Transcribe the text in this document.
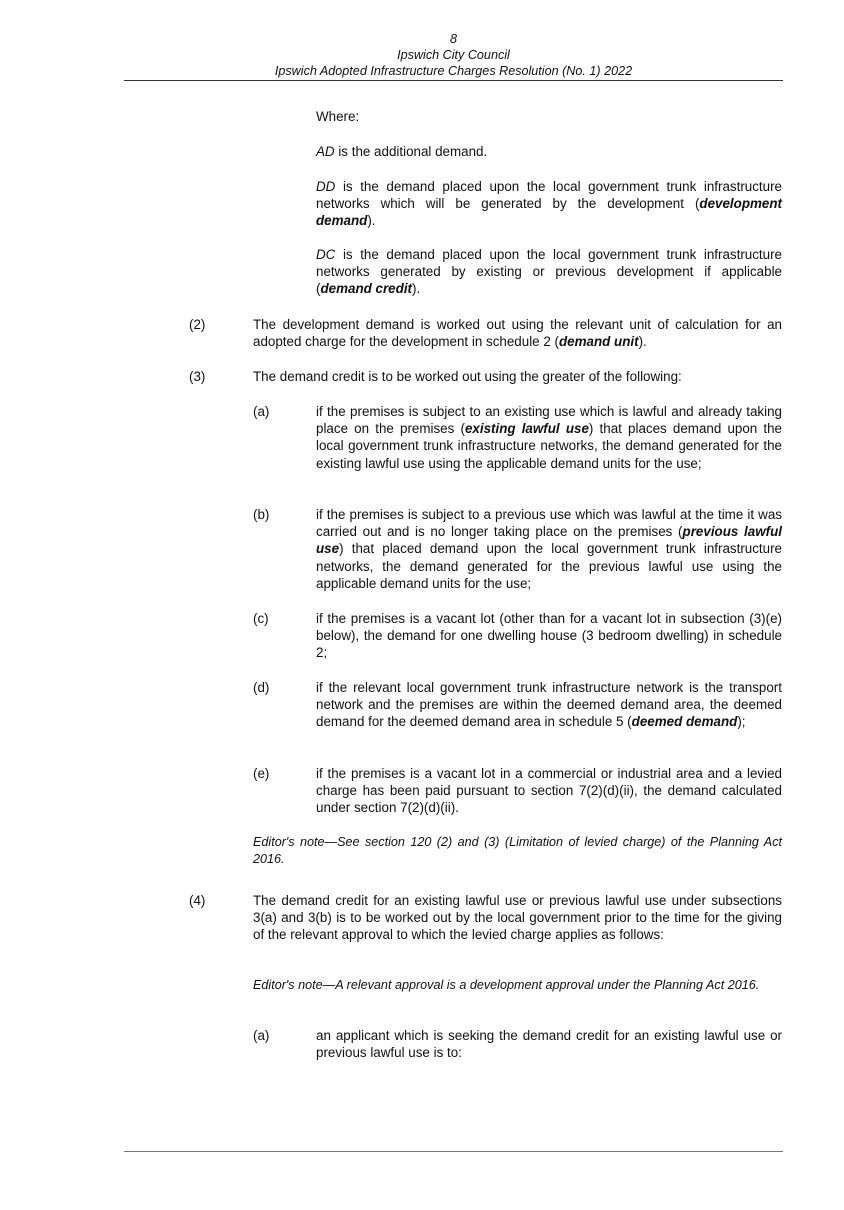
8
Ipswich City Council
Ipswich Adopted Infrastructure Charges Resolution (No. 1) 2022
Where:
AD is the additional demand.
DD is the demand placed upon the local government trunk infrastructure networks which will be generated by the development (development demand).
DC is the demand placed upon the local government trunk infrastructure networks generated by existing or previous development if applicable (demand credit).
(2)	The development demand is worked out using the relevant unit of calculation for an adopted charge for the development in schedule 2 (demand unit).
(3)	The demand credit is to be worked out using the greater of the following:
(a)	if the premises is subject to an existing use which is lawful and already taking place on the premises (existing lawful use) that places demand upon the local government trunk infrastructure networks, the demand generated for the existing lawful use using the applicable demand units for the use;
(b)	if the premises is subject to a previous use which was lawful at the time it was carried out and is no longer taking place on the premises (previous lawful use) that placed demand upon the local government trunk infrastructure networks, the demand generated for the previous lawful use using the applicable demand units for the use;
(c)	if the premises is a vacant lot (other than for a vacant lot in subsection (3)(e) below), the demand for one dwelling house (3 bedroom dwelling) in schedule 2;
(d)	if the relevant local government trunk infrastructure network is the transport network and the premises are within the deemed demand area, the deemed demand for the deemed demand area in schedule 5 (deemed demand);
(e)	if the premises is a vacant lot in a commercial or industrial area and a levied charge has been paid pursuant to section 7(2)(d)(ii), the demand calculated under section 7(2)(d)(ii).
Editor's note—See section 120 (2) and (3) (Limitation of levied charge) of the Planning Act 2016.
(4)	The demand credit for an existing lawful use or previous lawful use under subsections 3(a) and 3(b) is to be worked out by the local government prior to the time for the giving of the relevant approval to which the levied charge applies as follows:
Editor's note—A relevant approval is a development approval under the Planning Act 2016.
(a)	an applicant which is seeking the demand credit for an existing lawful use or previous lawful use is to:
